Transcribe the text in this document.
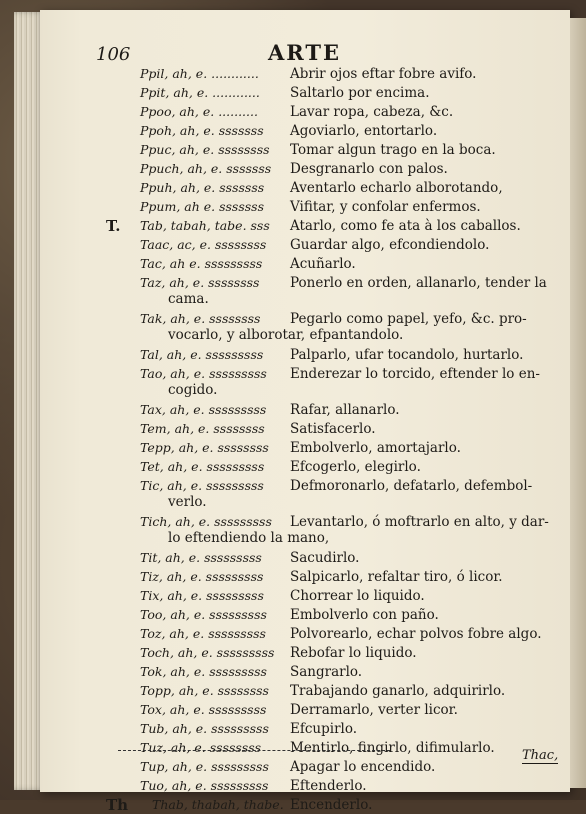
106	ARTE
Ppil, ah, e. ............ Abrir ojos eftar fobre avifo.
Ppit, ah, e. ............ Saltarlo por encima.
Ppoo, ah, e. .......... Lavar ropa, cabeza, &c.
Ppoh, ah, e. sssssss Agoviarlo, entortarlo.
Ppuc, ah, e. ssssssss Tomar algun trago en la boca.
Ppuch, ah, e. sssssss Desgranarlo con palos.
Ppuh, ah, e. sssssss Aventarlo echarlo alborotando,
Ppum, ah e. sssssss Vifitar, y confolar enfermos.
T. Tab, tabah, tabe. sss Atarlo, como fe ata à los caballos.
Taac, ac, e. ssssssss Guardar algo, efcondiendolo.
Tac, ah e. sssssssss Acuñarlo.
Taz, ah, e. ssssssss Ponerlo en orden, allanarlo, tender la
cama.
Tak, ah, e. ssssssss Pegarlo como papel, yefo, &c. pro-
vocarlo, y alborotar, efpantandolo.
Tal, ah, e. sssssssss Palparlo, ufar tocandolo, hurtarlo.
Tao, ah, e. sssssssss Enderezar lo torcido, eftender lo en-
cogido.
Tax, ah, e. sssssssss Rafar, allanarlo.
Tem, ah, e. ssssssss Satisfacerlo.
Tepp, ah, e. ssssssss Embolverlo, amortajarlo.
Tet, ah, e. sssssssss Efcogerlo, elegirlo.
Tic, ah, e. sssssssss Defmoronarlo, defatarlo, defembol-
verlo.
Tich, ah, e. sssssssss Levantarlo, ó moftrarlo en alto, y dar-
lo eftendiendo la mano,
Tit, ah, e. sssssssss Sacudirlo.
Tiz, ah, e. sssssssss Salpicarlo, refaltar tiro, ó licor.
Tix, ah, e. sssssssss Chorrear lo liquido.
Too, ah, e. sssssssss Embolverlo con paño.
Toz, ah, e. sssssssss Polvorearlo, echar polvos fobre algo.
Toch, ah, e. sssssssss Rebofar lo liquido.
Tok, ah, e. sssssssss Sangrarlo.
Topp, ah, e. ssssssss Trabajando ganarlo, adquirirlo.
Tox, ah, e. sssssssss Derramarlo, verter licor.
Tub, ah, e. sssssssss Efcupirlo.
Tuz, ah, e. ssssssss Mentirlo, fingirlo, difimularlo.
Tup, ah, e. sssssssss Apagar lo encendido.
Tuo, ah, e. sssssssss Eftenderlo.
Th Thab, thabah, thabe. Encenderlo.
Thac,
